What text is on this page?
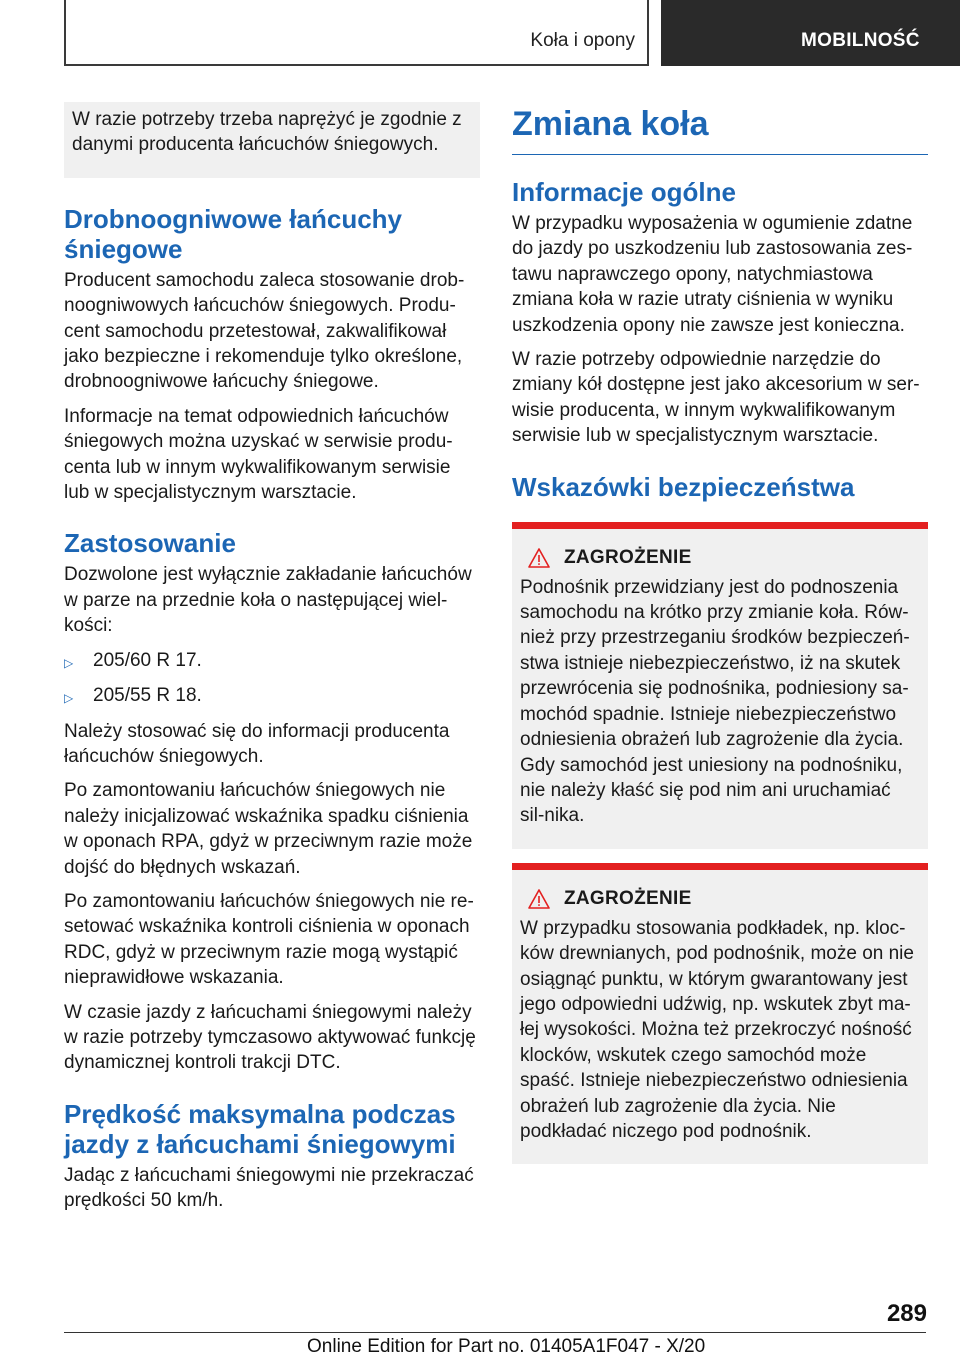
Koła i opony	MOBILNOŚĆ

W razie potrzeby trzeba naprężyć je zgodnie z danymi producenta łańcuchów śniegowych.

Drobnoogniwowe łańcuchy śniegowe

Producent samochodu zaleca stosowanie drob‐noogniwowych łańcuchów śniegowych. Produ‐cent samochodu przetestował, zakwalifikował jako bezpieczne i rekomenduje tylko określone, drobnoogniwowe łańcuchy śniegowe.

Informacje na temat odpowiednich łańcuchów śniegowych można uzyskać w serwisie produ‐centa lub w innym wykwalifikowanym serwisie lub w specjalistycznym warsztacie.

Zastosowanie

Dozwolone jest wyłącznie zakładanie łańcuchów w parze na przednie koła o następującej wiel‐kości:

▷	205/60 R 17.
▷	205/55 R 18.

Należy stosować się do informacji producenta łańcuchów śniegowych.

Po zamontowaniu łańcuchów śniegowych nie należy inicjalizować wskaźnika spadku ciśnienia w oponach RPA, gdyż w przeciwnym razie może dojść do błędnych wskazań.

Po zamontowaniu łańcuchów śniegowych nie re‐setować wskaźnika kontroli ciśnienia w oponach RDC, gdyż w przeciwnym razie mogą wystąpić nieprawidłowe wskazania.

W czasie jazdy z łańcuchami śniegowymi należy w razie potrzeby tymczasowo aktywować funkcję dynamicznej kontroli trakcji DTC.

Prędkość maksymalna podczas jazdy z łańcuchami śniegowymi

Jadąc z łańcuchami śniegowymi nie przekraczać prędkości 50 km/h.

Zmiana koła
Informacje ogólne

W przypadku wyposażenia w ogumienie zdatne do jazdy po uszkodzeniu lub zastosowania zes‐tawu naprawczego opony, natychmiastowa zmiana koła w razie utraty ciśnienia w wyniku uszkodzenia opony nie zawsze jest konieczna.

W razie potrzeby odpowiednie narzędzie do zmiany kół dostępne jest jako akcesorium w ser‐wisie producenta, w innym wykwalifikowanym serwisie lub w specjalistycznym warsztacie.

Wskazówki bezpieczeństwa
ZAGROŻENIE

Podnośnik przewidziany jest do podnoszenia samochodu na krótko przy zmianie koła. Rów‐nież przy przestrzeganiu środków bezpieczeń‐stwa istnieje niebezpieczeństwo, iż na skutek przewrócenia się podnośnika, podniesiony sa‐mochód spadnie. Istnieje niebezpieczeństwo odniesienia obrażeń lub zagrożenie dla życia. Gdy samochód jest uniesiony na podnośniku, nie należy kłaść się pod nim ani uruchamiać sil‐nika.

ZAGROŻENIE

W przypadku stosowania podkładek, np. kloc‐ków drewnianych, pod podnośnik, może on nie osiągnąć punktu, w którym gwarantowany jest jego odpowiedni udźwig, np. wskutek zbyt ma‐łej wysokości. Można też przekroczyć nośność klocków, wskutek czego samochód może spaść. Istnieje niebezpieczeństwo odniesienia obrażeń lub zagrożenie dla życia. Nie podkładać niczego pod podnośnik.

289
Online Edition for Part no. 01405A1F047 - X/20
